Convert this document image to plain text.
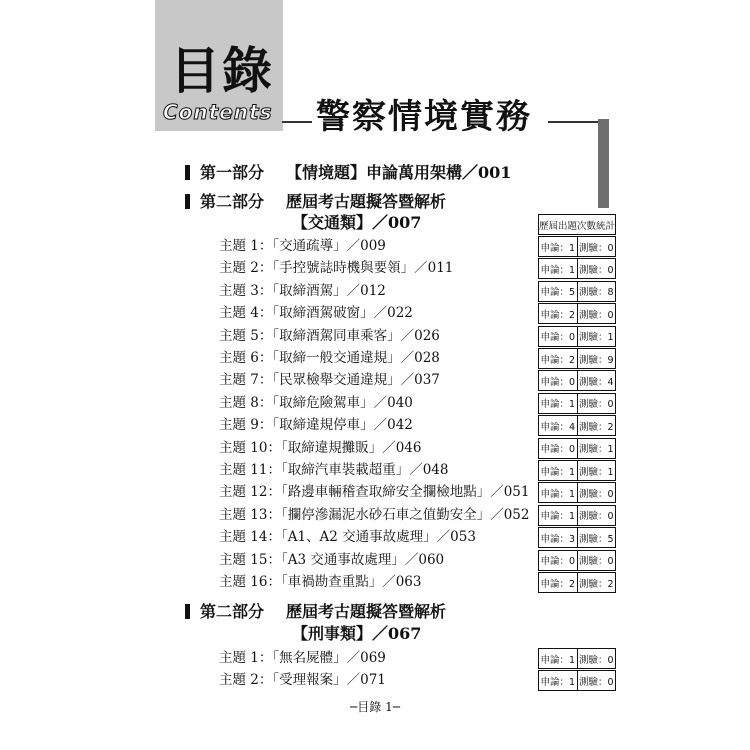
目錄
Contents 警察情境實務
第一部分 【情境題】申論萬用架構／001
第二部分 歷屆考古題擬答暨解析
【交通類】／007	歷屆出題次數統計
主題 1：「交通疏導」／009	申論：1 測驗：0
主題 2：「手控號誌時機與要領」／011	申論：1 測驗：0
主題 3：「取締酒駕」／012	申論：5 測驗：8
主題 4：「取締酒駕破窗」／022	申論：2 測驗：0
主題 5：「取締酒駕同車乘客」／026	申論：0 測驗：1
主題 6：「取締一般交通違規」／028	申論：2 測驗：9
主題 7：「民眾檢舉交通違規」／037	申論：0 測驗：4
主題 8：「取締危險駕車」／040	申論：1 測驗：0
主題 9：「取締違規停車」／042	申論：4 測驗：2
主題 10：「取締違規攤販」／046	申論：0 測驗：1
主題 11：「取締汽車裝載超重」／048	申論：1 測驗：1
主題 12：「路邊車輛稽查取締安全攔檢地點」／051 申論：1 測驗：0
主題 13：「攔停滲漏泥水砂石車之值勤安全」／052 申論：1 測驗：0
主題 14：「A1、A2 交通事故處理」／053	申論：3 測驗：5
主題 15：「A3 交通事故處理」／060	申論：0 測驗：0
主題 16：「車禍勘查重點」／063	申論：2 測驗：2
第二部分 歷屆考古題擬答暨解析
【刑事類】／067
主題 1：「無名屍體」／069	申論：1 測驗：0
主題 2：「受理報案」／071	申論：1 測驗：0
─目錄 1─
